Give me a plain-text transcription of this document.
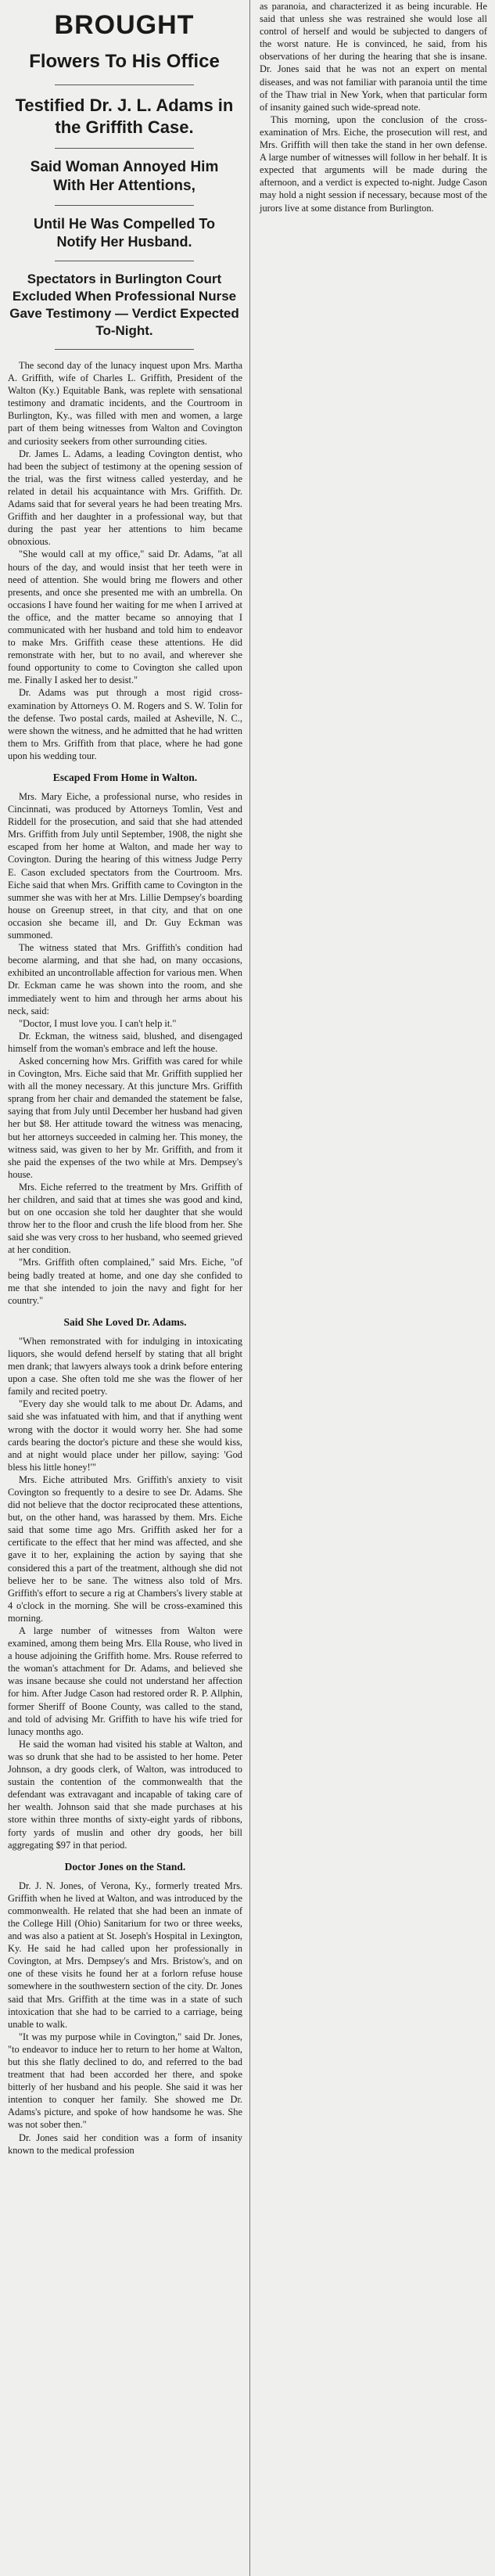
BROUGHT
Flowers To His Office
Testified Dr. J. L. Adams in the Griffith Case.
Said Woman Annoyed Him With Her Attentions,
Until He Was Compelled To Notify Her Husband.
Spectators in Burlington Court Excluded When Professional Nurse Gave Testimony — Verdict Expected To-Night.

The second day of the lunacy inquest upon Mrs. Martha A. Griffith, wife of Charles L. Griffith, President of the Walton (Ky.) Equitable Bank, was replete with sensational testimony and dramatic incidents, and the Courtroom in Burlington, Ky., was filled with men and women, a large part of them being witnesses from Walton and Covington and curiosity seekers from other surrounding cities.

Dr. James L. Adams, a leading Covington dentist, who had been the subject of testimony at the opening session of the trial, was the first witness called yesterday, and he related in detail his acquaintance with Mrs. Griffith. Dr. Adams said that for several years he had been treating Mrs. Griffith and her daughter in a professional way, but that during the past year her attentions to him became obnoxious.

"She would call at my office," said Dr. Adams, "at all hours of the day, and would insist that her teeth were in need of attention. She would bring me flowers and other presents, and once she presented me with an umbrella. On occasions I have found her waiting for me when I arrived at the office, and the matter became so annoying that I communicated with her husband and told him to endeavor to make Mrs. Griffith cease these attentions. He did remonstrate with her, but to no avail, and wherever she found opportunity to come to Covington she called upon me. Finally I asked her to desist."

Dr. Adams was put through a most rigid cross-examination by Attorneys O. M. Rogers and S. W. Tolin for the defense. Two postal cards, mailed at Asheville, N. C., were shown the witness, and he admitted that he had written them to Mrs. Griffith from that place, where he had gone upon his wedding tour.

Escaped From Home in Walton.

Mrs. Mary Eiche, a professional nurse, who resides in Cincinnati, was produced by Attorneys Tomlin, Vest and Riddell for the prosecution, and said that she had attended Mrs. Griffith from July until September, 1908, the night she escaped from her home at Walton, and made her way to Covington. During the hearing of this witness Judge Perry E. Cason excluded spectators from the Courtroom. Mrs. Eiche said that when Mrs. Griffith came to Covington in the summer she was with her at Mrs. Lillie Dempsey's boarding house on Greenup street, in that city, and that on one occasion she became ill, and Dr. Guy Eckman was summoned.

The witness stated that Mrs. Griffith's condition had become alarming, and that she had, on many occasions, exhibited an uncontrollable affection for various men. When Dr. Eckman came he was shown into the room, and she immediately went to him and through her arms about his neck, said:

"Doctor, I must love you. I can't help it."

Dr. Eckman, the witness said, blushed, and disengaged himself from the woman's embrace and left the house.

Asked concerning how Mrs. Griffith was cared for while in Covington, Mrs. Eiche said that Mr. Griffith supplied her with all the money necessary. At this juncture Mrs. Griffith sprang from her chair and demanded the statement be false, saying that from July until December her husband had given her but $8. Her attitude toward the witness was menacing, but her attorneys succeeded in calming her. This money, the witness said, was given to her by Mr. Griffith, and from it she paid the expenses of the two while at Mrs. Dempsey's house.

Mrs. Eiche referred to the treatment by Mrs. Griffith of her children, and said that at times she was good and kind, but on one occasion she told her daughter that she would throw her to the floor and crush the life blood from her. She said she was very cross to her husband, who seemed grieved at her condition.

"Mrs. Griffith often complained," said Mrs. Eiche, "of being badly treated at home, and one day she confided to me that she intended to join the navy and fight for her country."

Said She Loved Dr. Adams.

"When remonstrated with for indulging in intoxicating liquors, she would defend herself by stating that all bright men drank; that lawyers always took a drink before entering upon a case. She often told me she was the flower of her family and recited poetry.

"Every day she would talk to me about Dr. Adams, and said she was infatuated with him, and that if anything went wrong with the doctor it would worry her. She had some cards bearing the doctor's picture and these she would kiss, and at night would place under her pillow, saying: 'God bless his little honey!'"

Mrs. Eiche attributed Mrs. Griffith's anxiety to visit Covington so frequently to a desire to see Dr. Adams. She did not believe that the doctor reciprocated these attentions, but, on the other hand, was harassed by them. Mrs. Eiche said that some time ago Mrs. Griffith asked her for a certificate to the effect that her mind was affected, and she gave it to her, explaining the action by saying that she considered this a part of the treatment, although she did not believe her to be sane. The witness also told of Mrs. Griffith's effort to secure a rig at Chambers's livery stable at 4 o'clock in the morning. She will be cross-examined this morning.

A large number of witnesses from Walton were examined, among them being Mrs. Ella Rouse, who lived in a house adjoining the Griffith home. Mrs. Rouse referred to the woman's attachment for Dr. Adams, and believed she was insane because she could not understand her affection for him. After Judge Cason had restored order R. P. Allphin, former Sheriff of Boone County, was called to the stand, and told of advising Mr. Griffith to have his wife tried for lunacy months ago.

He said the woman had visited his stable at Walton, and was so drunk that she had to be assisted to her home. Peter Johnson, a dry goods clerk, of Walton, was introduced to sustain the contention of the commonwealth that the defendant was extravagant and incapable of taking care of her wealth. Johnson said that she made purchases at his store within three months of sixty-eight yards of ribbons, forty yards of muslin and other dry goods, her bill aggregating $97 in that period.

Doctor Jones on the Stand.

Dr. J. N. Jones, of Verona, Ky., formerly treated Mrs. Griffith when he lived at Walton, and was introduced by the commonwealth. He related that she had been an inmate of the College Hill (Ohio) Sanitarium for two or three weeks, and was also a patient at St. Joseph's Hospital in Lexington, Ky. He said he had called upon her professionally in Covington, at Mrs. Dempsey's and Mrs. Bristow's, and on one of these visits he found her at a forlorn refuse house somewhere in the southwestern section of the city. Dr. Jones said that Mrs. Griffith at the time was in a state of such intoxication that she had to be carried to a carriage, being unable to walk.

"It was my purpose while in Covington," said Dr. Jones, "to endeavor to induce her to return to her home at Walton, but this she flatly declined to do, and referred to the bad treatment that had been accorded her there, and spoke bitterly of her husband and his people. She said it was her intention to conquer her family. She showed me Dr. Adams's picture, and spoke of how handsome he was. She was not sober then."

Dr. Jones said her condition was a form of insanity known to the medical profession

as paranoia, and characterized it as being incurable. He said that unless she was restrained she would lose all control of herself and would be subjected to dangers of the worst nature. He is convinced, he said, from his observations of her during the hearing that she is insane. Dr. Jones said that he was not an expert on mental diseases, and was not familiar with paranoia until the time of the Thaw trial in New York, when that particular form of insanity gained such wide-spread note.

This morning, upon the conclusion of the cross-examination of Mrs. Eiche, the prosecution will rest, and Mrs. Griffith will then take the stand in her own defense. A large number of witnesses will follow in her behalf. It is expected that arguments will be made during the afternoon, and a verdict is expected to-night. Judge Cason may hold a night session if necessary, because most of the jurors live at some distance from Burlington.
